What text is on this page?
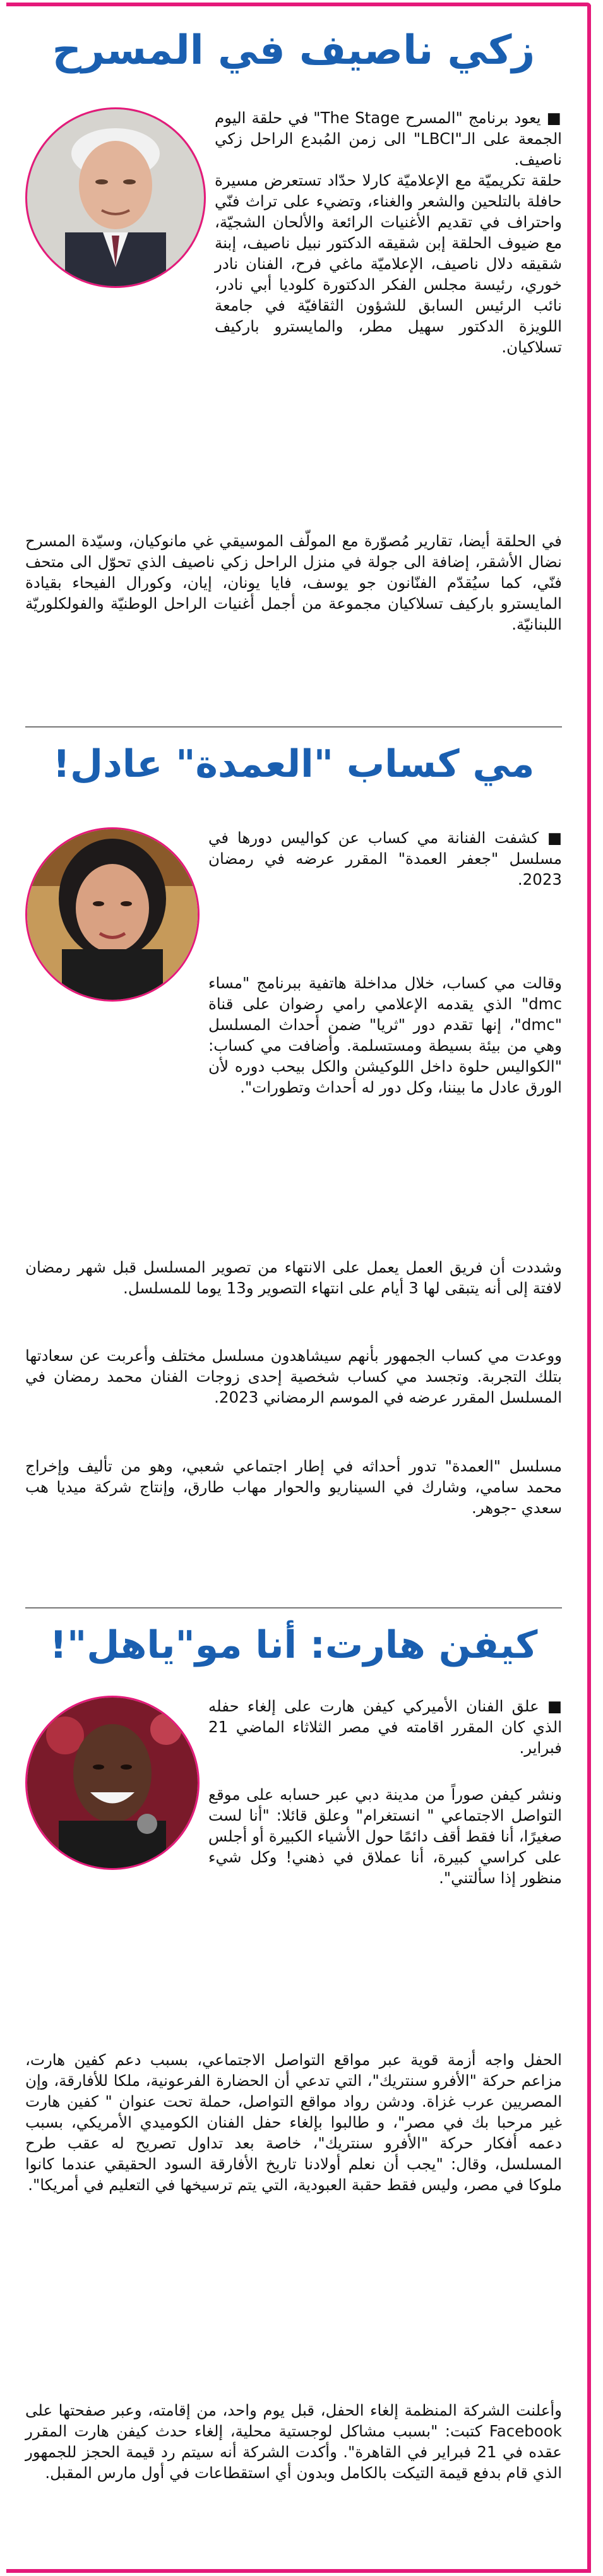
زكي ناصيف في المسرح

■ يعود برنامج "المسرح The Stage" في حلقة اليوم الجمعة على الـ"LBCI" الى زمن المُبدع الراحل زكي ناصيف.

حلقة تكريميّة مع الإعلاميّة كارلا حدّاد تستعرض مسيرة حافلة بالتلحين والشعر والغناء، وتضيء على تراث فنّي واحتراف في تقديم الأغنيات الرائعة والألحان الشجيّة، مع ضيوف الحلقة إبن شقيقه الدكتور نبيل ناصيف، إبنة شقيقه دلال ناصيف، الإعلاميّة ماغي فرح، الفنان نادر خوري، رئيسة مجلس الفكر الدكتورة كلوديا أبي نادر، نائب الرئيس السابق للشؤون الثقافيّة في جامعة اللويزة الدكتور سهيل مطر، والمايسترو باركيف تسلاكيان.

في الحلقة أيضا، تقارير مُصوّرة مع المولّف الموسيقي غي مانوكيان، وسيّدة المسرح نضال الأشقر، إضافة الى جولة في منزل الراحل زكي ناصيف الذي تحوّل الى متحف فنّي، كما سيُقدّم الفنّانون جو يوسف، فايا يونان، إيان، وكورال الفيحاء بقيادة المايسترو باركيف تسلاكيان مجموعة من أجمل أغنيات الراحل الوطنيّة والفولكلوريّة اللبنانيّة.
مي كساب "العمدة" عادل!
■ كشفت الفنانة مي كساب عن كواليس دورها في مسلسل "جعفر العمدة" المقرر عرضه في رمضان 2023.

وقالت مي كساب، خلال مداخلة هاتفية ببرنامج "مساء dmc" الذي يقدمه الإعلامي رامي رضوان على قناة "dmc"، إنها تقدم دور "ثريا" ضمن أحداث المسلسل وهي من بيئة بسيطة ومستسلمة. وأضافت مي كساب: "الكواليس حلوة داخل اللوكيشن والكل بيحب دوره لأن الورق عادل ما بيننا، وكل دور له أحداث وتطورات".

وشددت أن فريق العمل يعمل على الانتهاء من تصوير المسلسل قبل شهر رمضان لافتة إلى أنه يتبقى لها 3 أيام على انتهاء التصوير و13 يوما للمسلسل.
ووعدت مي كساب الجمهور بأنهم سيشاهدون مسلسل مختلف وأعربت عن سعادتها بتلك التجربة. وتجسد مي كساب شخصية إحدى زوجات الفنان محمد رمضان في المسلسل المقرر عرضه في الموسم الرمضاني 2023.
مسلسل "العمدة" تدور أحداثه في إطار اجتماعي شعبي، وهو من تأليف وإخراج محمد سامي، وشارك في السيناريو والحوار مهاب طارق، وإنتاج شركة ميديا هب سعدي -جوهر.
كيفن هارت: أنا مو"ياهل"!
■ علق الفنان الأميركي كيفن هارت على إلغاء حفله الذي كان المقرر اقامته في مصر الثلاثاء الماضي 21 فبراير.

ونشر كيفن صوراً من مدينة دبي عبر حسابه على موقع التواصل الاجتماعي " انستغرام" وعلق قائلا: "أنا لست صغيرًا، أنا فقط أقف دائمًا حول الأشياء الكبيرة أو أجلس على كراسي كبيرة، أنا عملاق في ذهني! وكل شيء منظور إذا سألتني".

الحفل واجه أزمة قوية عبر مواقع التواصل الاجتماعي، بسبب دعم كفين هارت، مزاعم حركة "الأفرو سنتريك"، التي تدعي أن الحضارة الفرعونية، ملكا للأفارقة، وإن المصريين عرب غزاة. ودشن رواد مواقع التواصل، حملة تحت عنوان " كفين هارت غير مرحبا بك في مصر"، و طالبوا بإلغاء حفل الفنان الكوميدي الأمريكي، بسبب دعمه أفكار حركة "الأفرو سنتريك"، خاصة بعد تداول تصريح له عقب طرح المسلسل، وقال: "يجب أن نعلم أولادنا تاريخ الأفارقة السود الحقيقي عندما كانوا ملوكا في مصر، وليس فقط حقبة العبودية، التي يتم ترسيخها في التعليم في أمريكا".
وأعلنت الشركة المنظمة إلغاء الحفل، قبل يوم واحد، من إقامته، وعبر صفحتها على Facebook كتبت: "بسبب مشاكل لوجستية محلية، إلغاء حدث كيفن هارت المقرر عقده في 21 فبراير في القاهرة". وأكدت الشركة أنه سيتم رد قيمة الحجز للجمهور الذي قام بدفع قيمة التيكت بالكامل وبدون أي استقطاعات في أول مارس المقبل.
